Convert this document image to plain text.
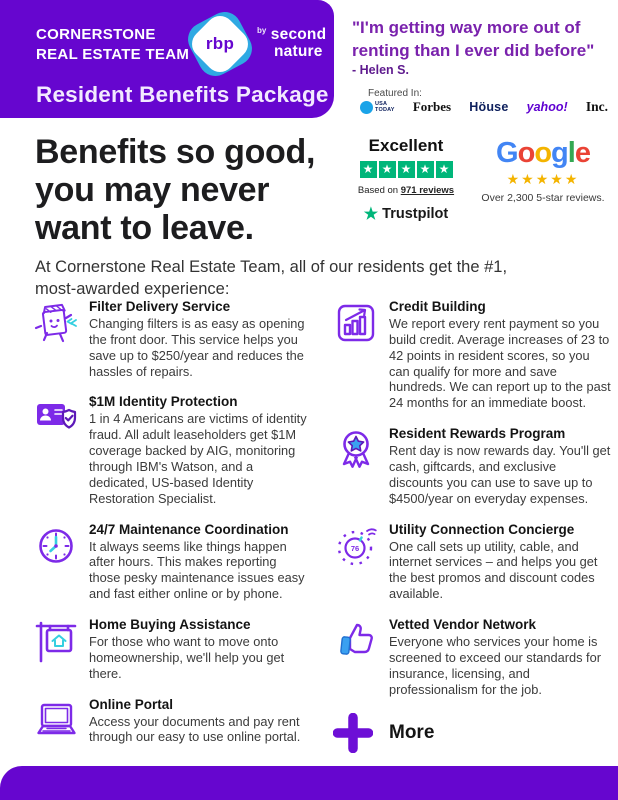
CORNERSTONE
REAL ESTATE TEAM
rbp
$^{by}$ second
nature
Resident Benefits Package
"I'm getting way more out of
renting than I ever did before"
- Helen S.
Featured In:
USA
TODAY Forbes Höuse yahoo! Inc.
Benefits so good,
you may never
want to leave.
Excellent
★ ★ ★ ★ ★
Based on 971 reviews
★ Trustpilot
Google
★★★★★
Over 2,300 5-star reviews.
At Cornerstone Real Estate Team, all of our residents get the #1,
most-awarded experience:
Filter Delivery Service
Changing filters is as easy as opening the front door. This service helps you save up to $250/year and reduces the hassles of repairs.
$1M Identity Protection
1 in 4 Americans are victims of identity fraud. All adult leaseholders get $1M coverage backed by AIG, monitoring through IBM's Watson, and a dedicated, US-based Identity Restoration Specialist.
24/7 Maintenance Coordination
It always seems like things happen after hours. This makes reporting those pesky maintenance issues easy and fast either online or by phone.
Home Buying Assistance
For those who want to move onto homeownership, we'll help you get there.
Online Portal
Access your documents and pay rent through our easy to use online portal.
Credit Building
We report every rent payment so you build credit. Average increases of 23 to 42 points in resident scores, so you can qualify for more and save hundreds. We can report up to the past 24 months for an immediate boost.
Resident Rewards Program
Rent day is now rewards day. You'll get cash, giftcards, and exclusive discounts you can use to save up to $4500/year on everyday expenses.
76
Utility Connection Concierge
One call sets up utility, cable, and internet services – and helps you get the best promos and discount codes available.
Vetted Vendor Network
Everyone who services your home is screened to exceed our standards for insurance, licensing, and professionalism for the job.
More
